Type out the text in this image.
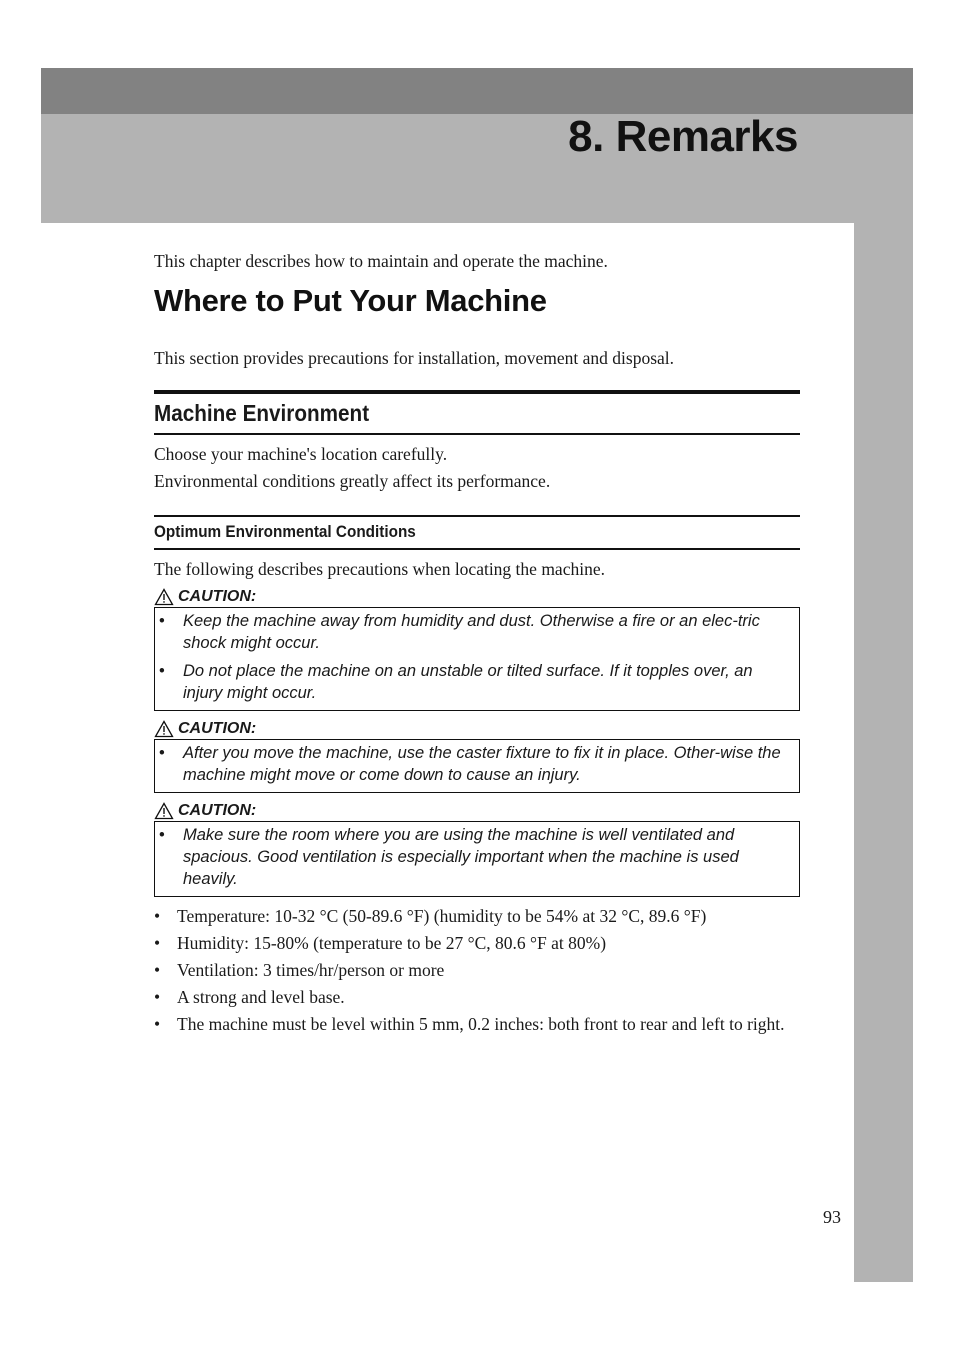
8. Remarks

This chapter describes how to maintain and operate the machine.

Where to Put Your Machine

This section provides precautions for installation, movement and disposal.

Machine Environment

Choose your machine's location carefully.

Environmental conditions greatly affect its performance.

Optimum Environmental Conditions

The following describes precautions when locating the machine.

CAUTION:
• Keep the machine away from humidity and dust. Otherwise a fire or an elec-tric shock might occur.
• Do not place the machine on an unstable or tilted surface. If it topples over, an injury might occur.
CAUTION:
• After you move the machine, use the caster fixture to fix it in place. Other-wise the machine might move or come down to cause an injury.
CAUTION:
• Make sure the room where you are using the machine is well ventilated and spacious. Good ventilation is especially important when the machine is used heavily.
• Temperature: 10-32 °C (50-89.6 °F) (humidity to be 54% at 32 °C, 89.6 °F)
• Humidity: 15-80% (temperature to be 27 °C, 80.6 °F at 80%)
• Ventilation: 3 times/hr/person or more
• A strong and level base.
• The machine must be level within 5 mm, 0.2 inches: both front to rear and left to right.
93
